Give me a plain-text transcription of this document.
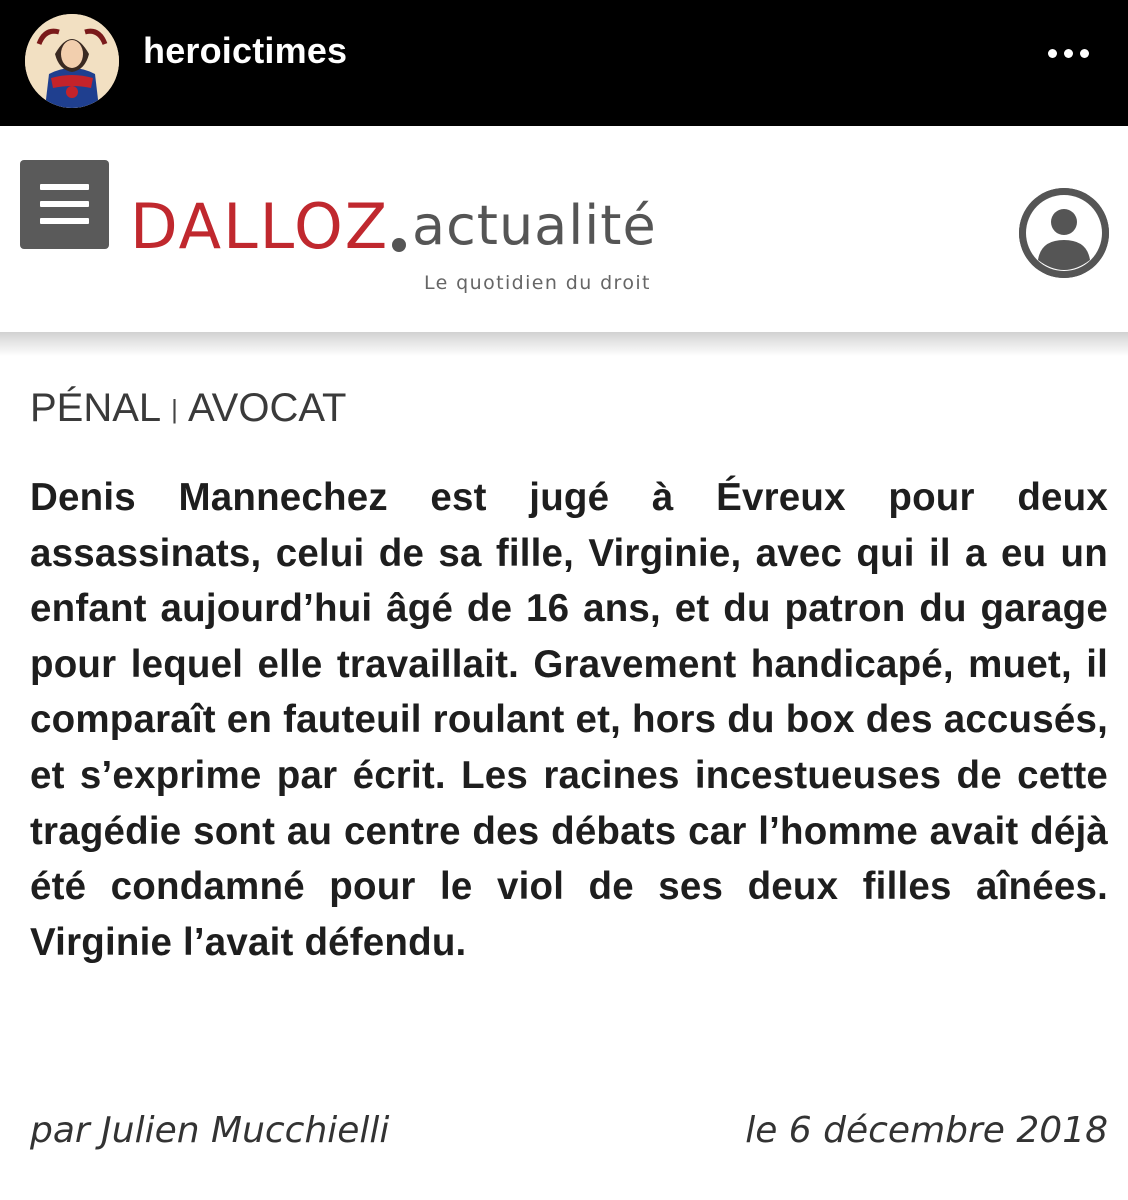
heroictimes
DALLOZ actualité
Le quotidien du droit
PÉNAL | AVOCAT
Denis Mannechez est jugé à Évreux pour deux assassinats, celui de sa fille, Virginie, avec qui il a eu un enfant aujourd’hui âgé de 16 ans, et du patron du garage pour lequel elle travaillait. Gravement handicapé, muet, il comparaît en fauteuil roulant et, hors du box des accusés, et s’exprime par écrit. Les racines incestueuses de cette tragédie sont au centre des débats car l’homme avait déjà été condamné pour le viol de ses deux filles aînées. Virginie l’avait défendu.
par Julien Mucchielli	le 6 décembre 2018
